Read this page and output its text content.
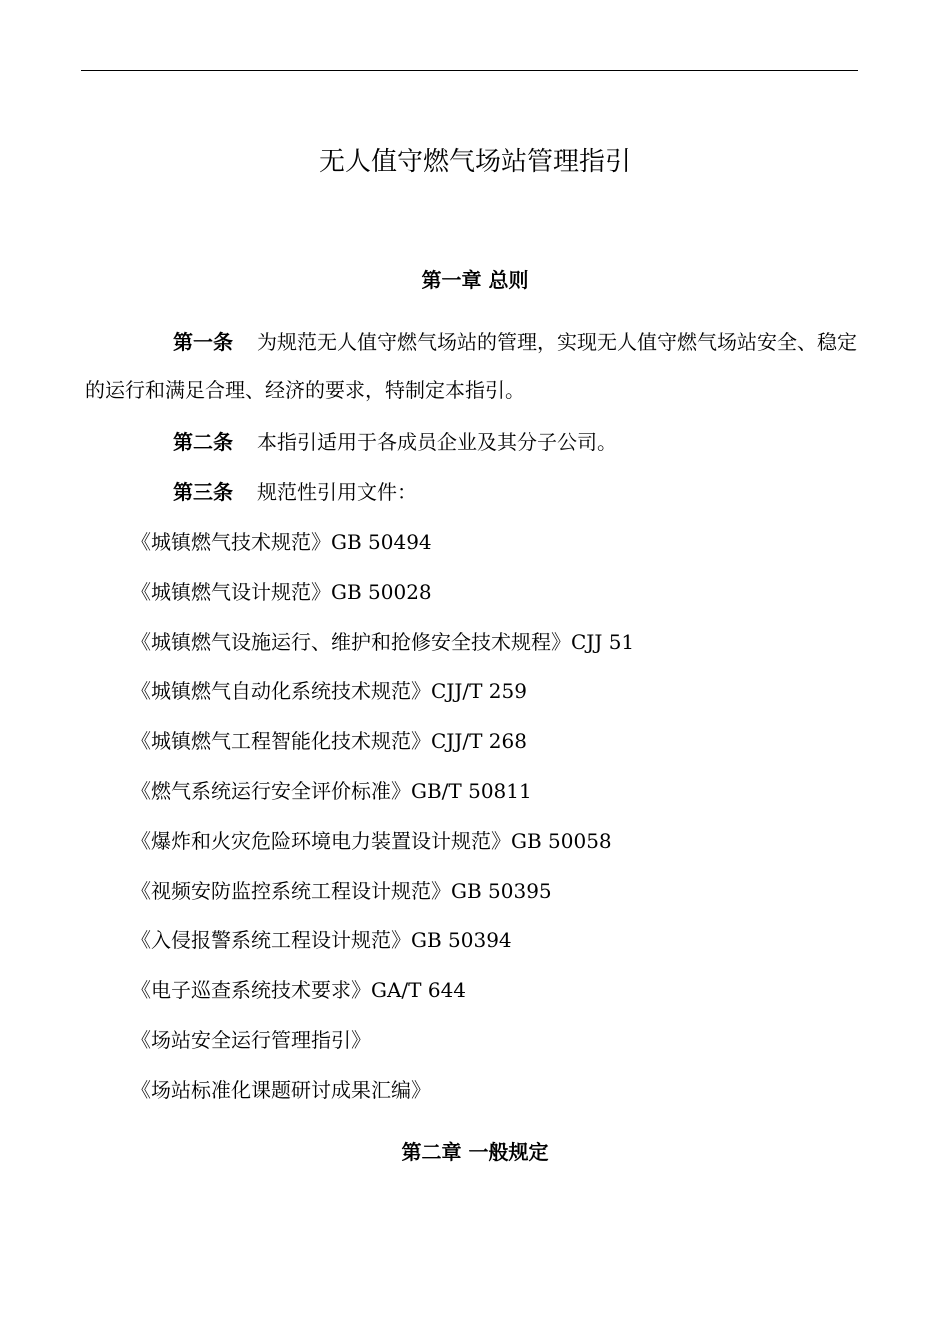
无人值守燃气场站管理指引
第一章 总则
第一条 为规范无人值守燃气场站的管理，实现无人值守燃气场站安全、稳定的运行和满足合理、经济的要求，特制定本指引。
第二条 本指引适用于各成员企业及其分子公司。
第三条 规范性引用文件：
《城镇燃气技术规范》GB 50494
《城镇燃气设计规范》GB 50028
《城镇燃气设施运行、维护和抢修安全技术规程》CJJ 51
《城镇燃气自动化系统技术规范》CJJ/T 259
《城镇燃气工程智能化技术规范》CJJ/T 268
《燃气系统运行安全评价标准》GB/T 50811
《爆炸和火灾危险环境电力装置设计规范》GB 50058
《视频安防监控系统工程设计规范》GB 50395
《入侵报警系统工程设计规范》GB 50394
《电子巡查系统技术要求》GA/T 644
《场站安全运行管理指引》
《场站标准化课题研讨成果汇编》
第二章 一般规定
